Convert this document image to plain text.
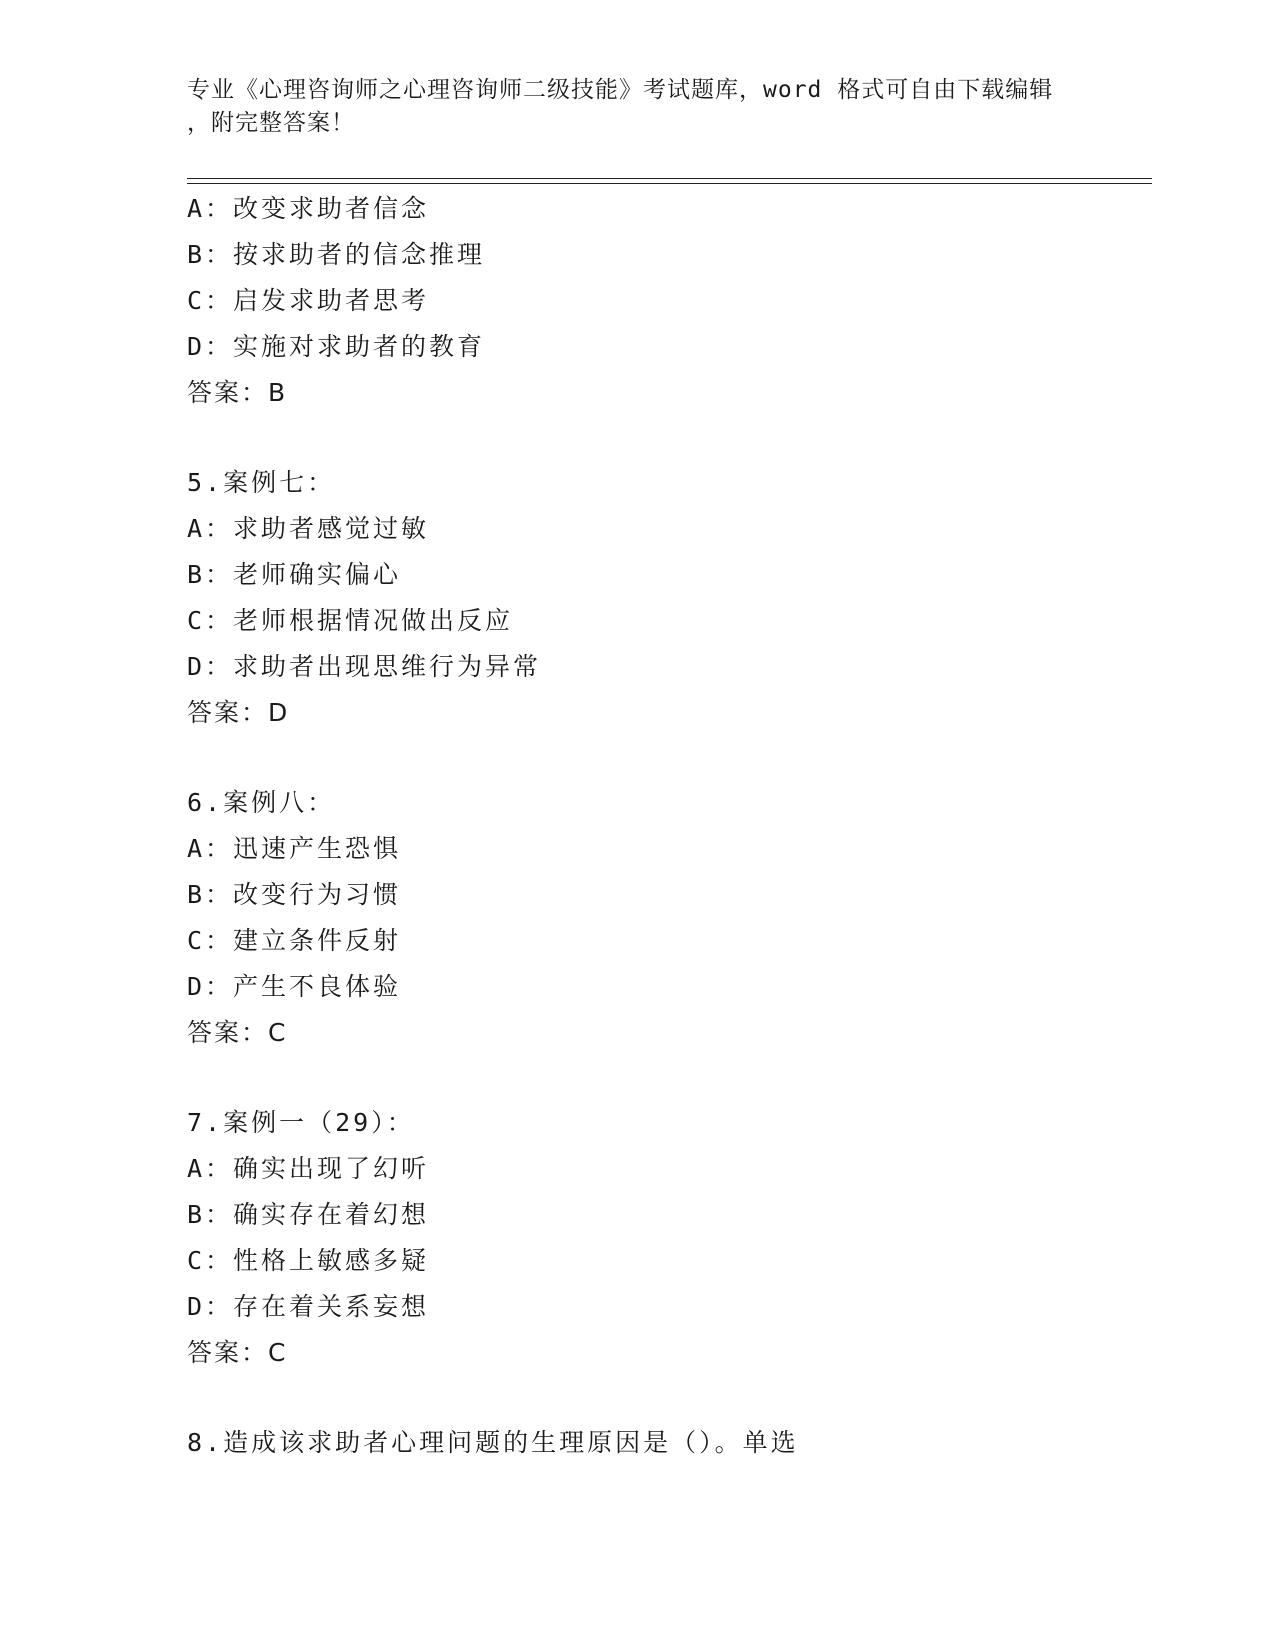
专业《心理咨询师之心理咨询师二级技能》考试题库，word 格式可自由下载编辑
，附完整答案！
A：改变求助者信念
B：按求助者的信念推理
C：启发求助者思考
D：实施对求助者的教育
答案：B
5.案例七：
A：求助者感觉过敏
B：老师确实偏心
C：老师根据情况做出反应
D：求助者出现思维行为异常
答案：D
6.案例八：
A：迅速产生恐惧
B：改变行为习惯
C：建立条件反射
D：产生不良体验
答案：C
7.案例一（29）：
A：确实出现了幻听
B：确实存在着幻想
C：性格上敏感多疑
D：存在着关系妄想
答案：C
8.造成该求助者心理问题的生理原因是（）。单选
